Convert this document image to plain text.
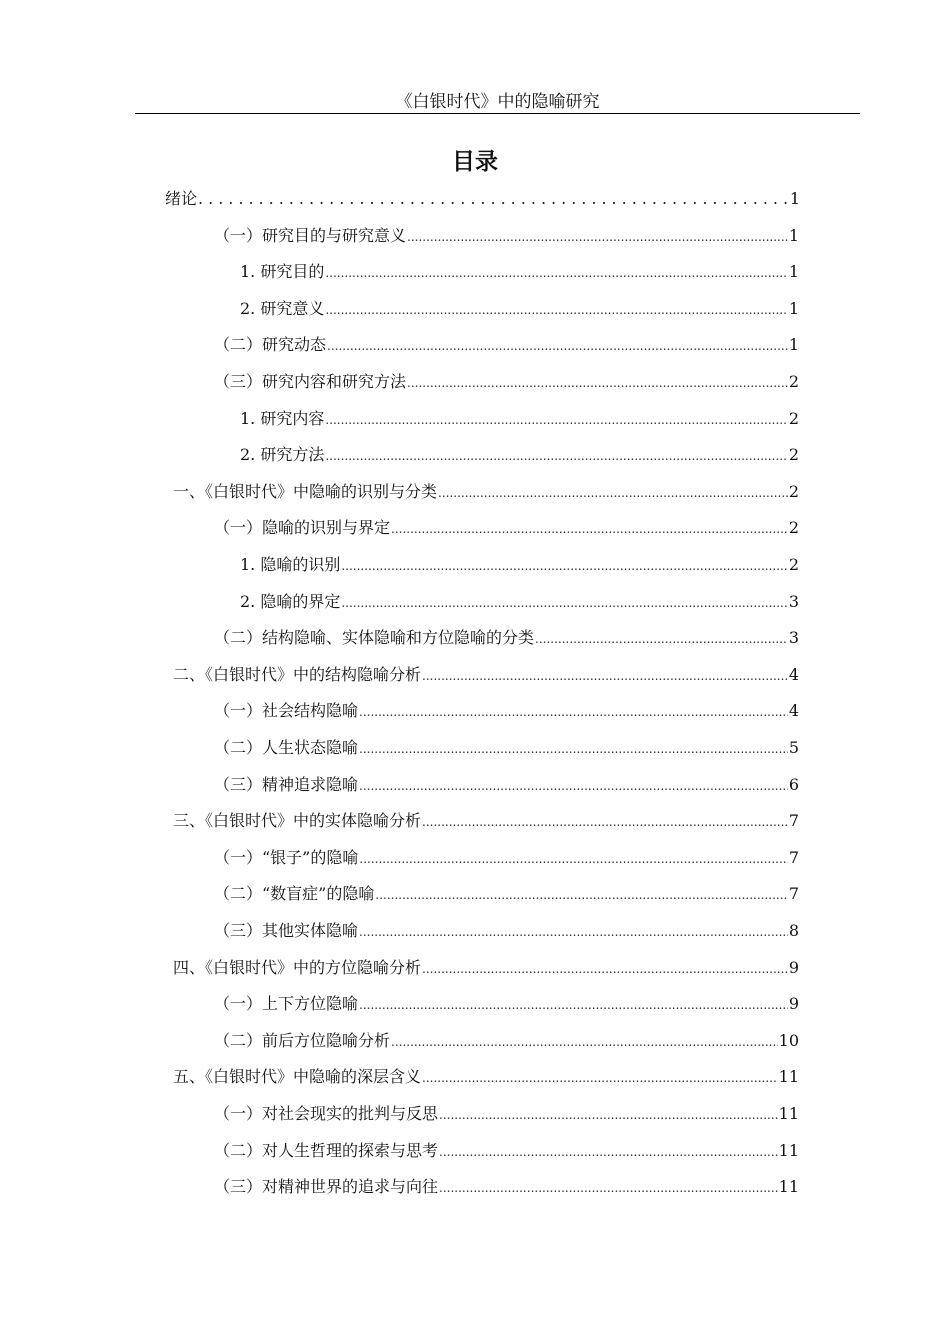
《白银时代》中的隐喻研究
目录
绪论 .....	1
（一）研究目的与研究意义 .....	1
1. 研究目的 .....	1
2. 研究意义 .....	1
（二）研究动态 .....	1
（三）研究内容和研究方法 .....	2
1. 研究内容 .....	2
2. 研究方法 .....	2
一、《白银时代》中隐喻的识别与分类 .....	2
（一）隐喻的识别与界定 .....	2
1. 隐喻的识别 .....	2
2. 隐喻的界定 .....	3
（二）结构隐喻、实体隐喻和方位隐喻的分类 .....	3
二、《白银时代》中的结构隐喻分析 .....	4
（一）社会结构隐喻 .....	4
（二）人生状态隐喻 .....	5
（三）精神追求隐喻 .....	6
三、《白银时代》中的实体隐喻分析 .....	7
（一）“银子”的隐喻 .....	7
（二）“数盲症”的隐喻 .....	7
（三）其他实体隐喻 .....	8
四、《白银时代》中的方位隐喻分析 .....	9
（一）上下方位隐喻 .....	9
（二）前后方位隐喻分析 .....	10
五、《白银时代》中隐喻的深层含义 .....	11
（一）对社会现实的批判与反思 .....	11
（二）对人生哲理的探索与思考 .....	11
（三）对精神世界的追求与向往 .....	11
